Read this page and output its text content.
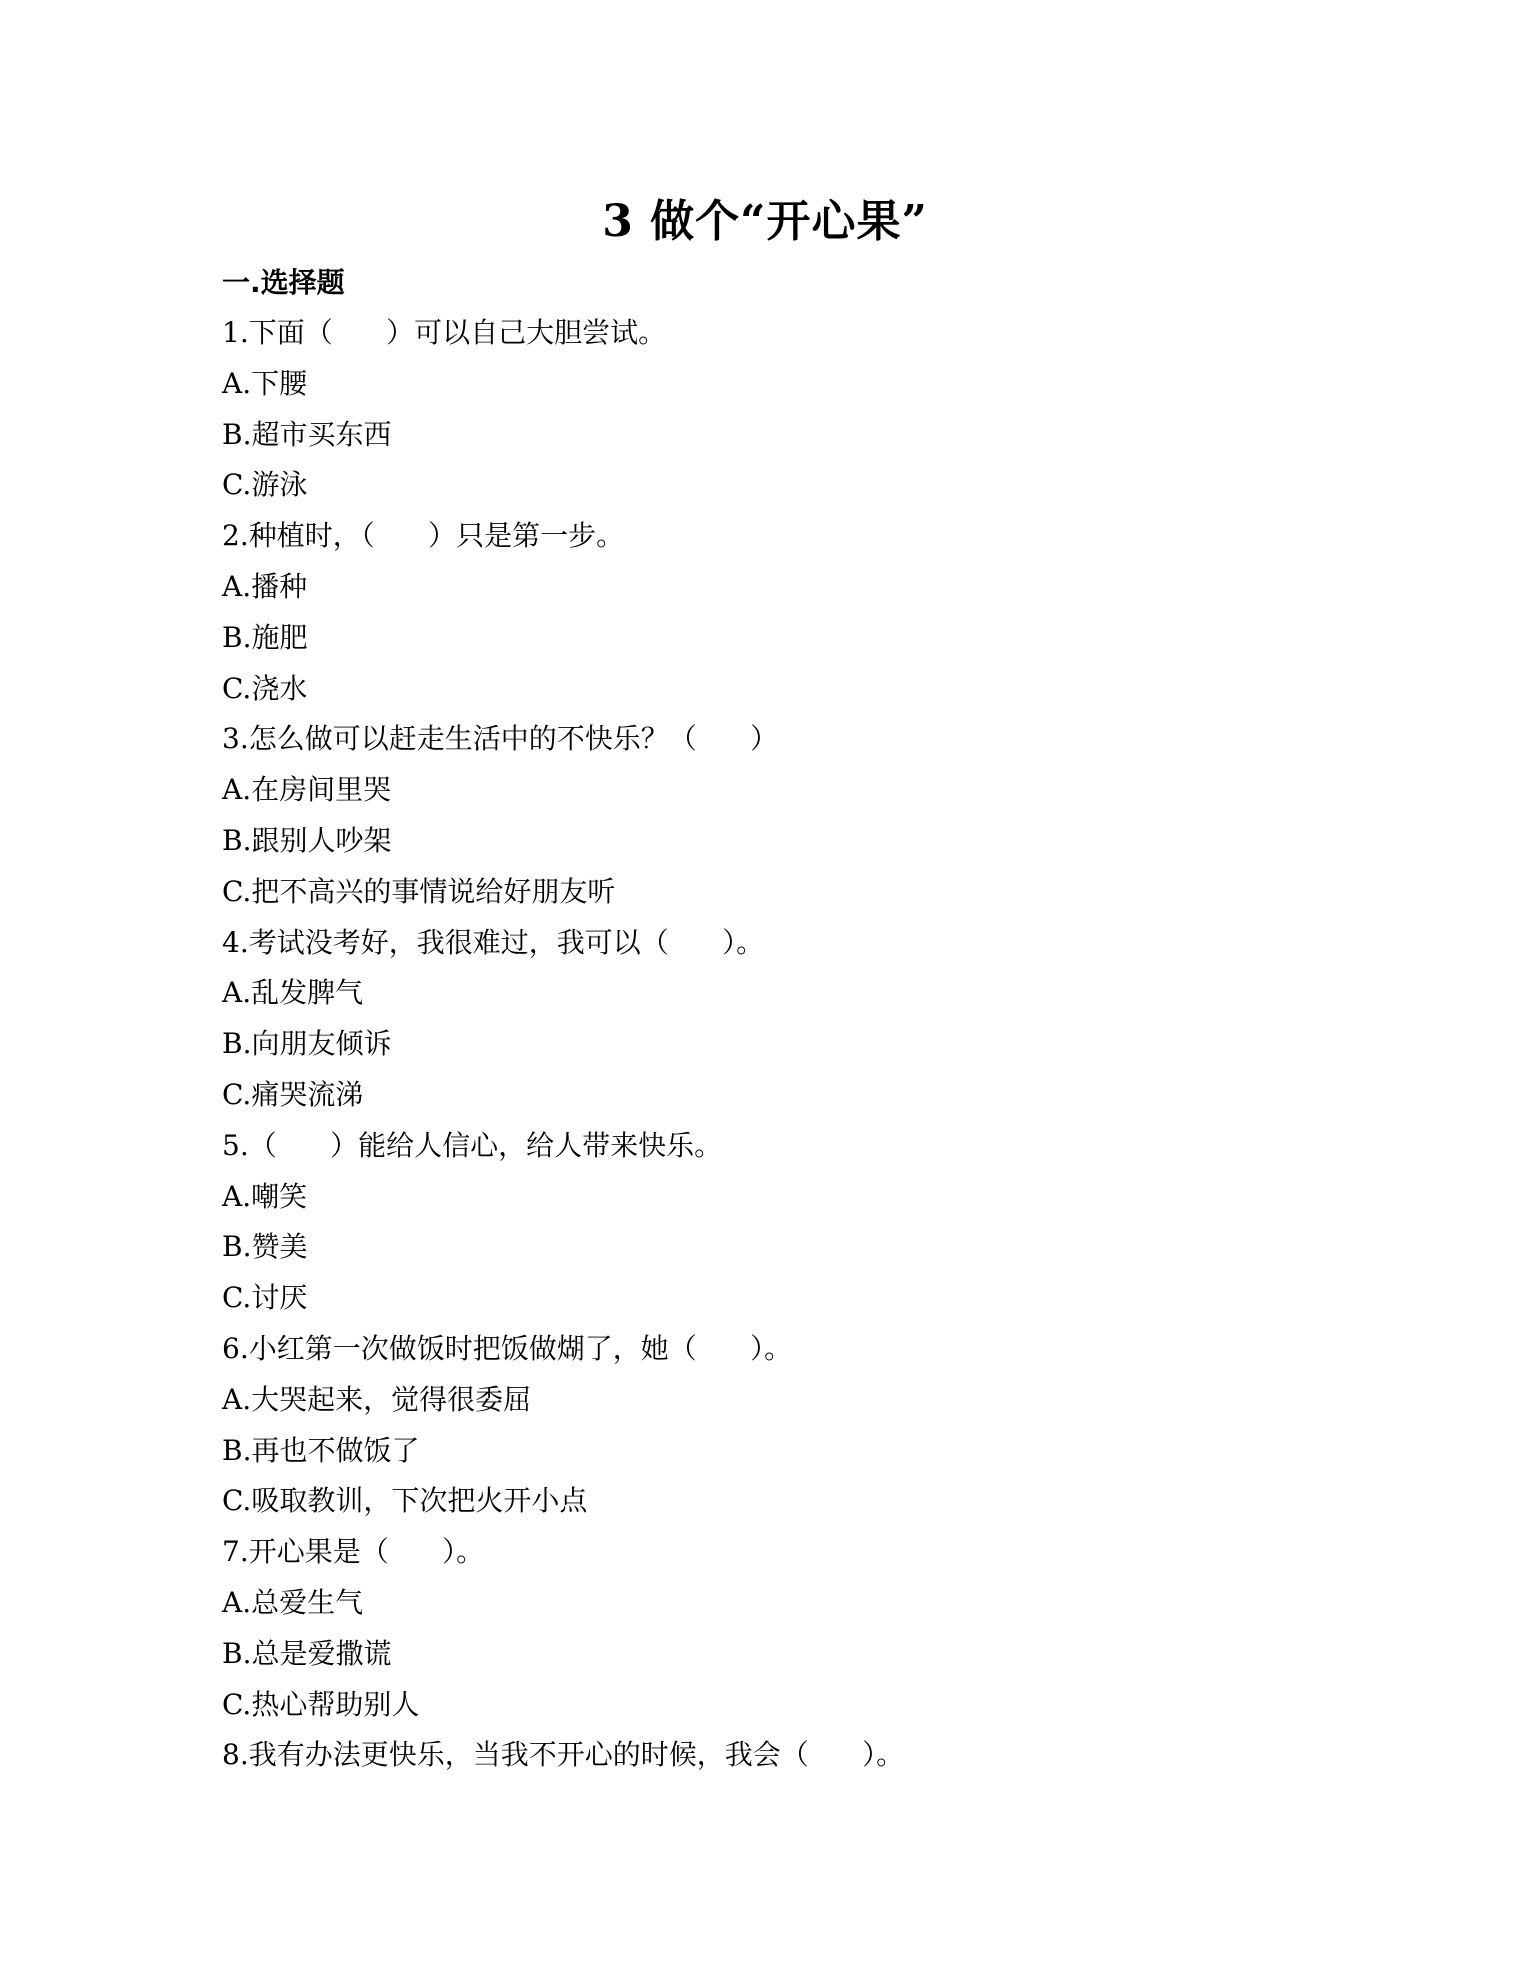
3 做个“开心果”
一.选择题
1.下面（      ）可以自己大胆尝试。
A.下腰
B.超市买东西
C.游泳
2.种植时，（      ）只是第一步。
A.播种
B.施肥
C.浇水
3.怎么做可以赶走生活中的不快乐？（      ）
A.在房间里哭
B.跟别人吵架
C.把不高兴的事情说给好朋友听
4.考试没考好，我很难过，我可以（      ）。
A.乱发脾气
B.向朋友倾诉
C.痛哭流涕
5.（      ）能给人信心，给人带来快乐。
A.嘲笑
B.赞美
C.讨厌
6.小红第一次做饭时把饭做煳了，她（      ）。
A.大哭起来，觉得很委屈
B.再也不做饭了
C.吸取教训，下次把火开小点
7.开心果是（      ）。
A.总爱生气
B.总是爱撒谎
C.热心帮助别人
8.我有办法更快乐，当我不开心的时候，我会（      ）。
